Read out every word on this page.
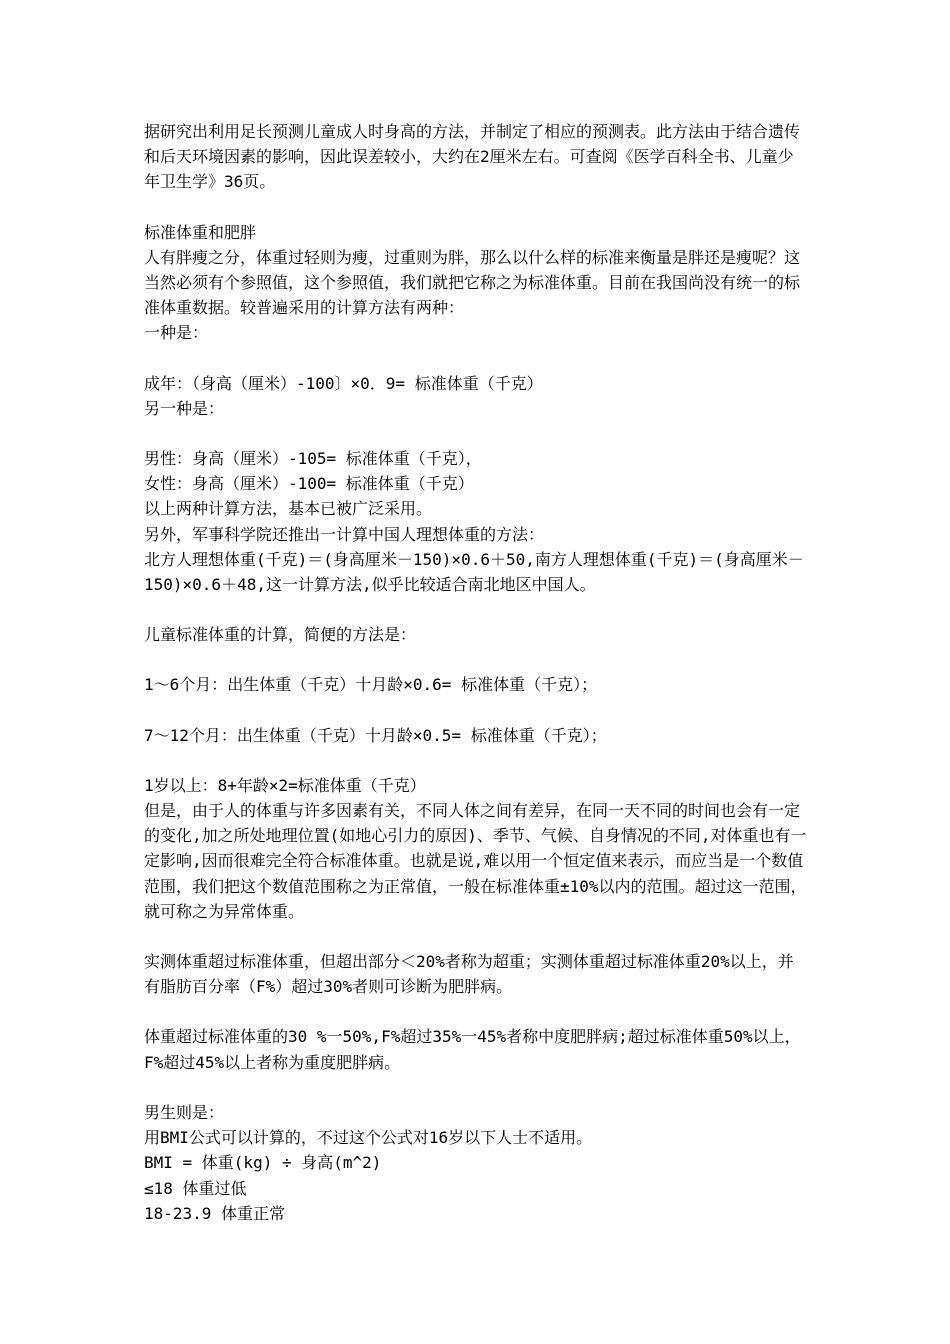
据研究出利用足长预测儿童成人时身高的方法，并制定了相应的预测表。此方法由于结合遗传和后天环境因素的影响，因此误差较小，大约在2厘米左右。可查阅《医学百科全书、儿童少年卫生学》36页。

标准体重和肥胖

人有胖瘦之分，体重过轻则为瘦，过重则为胖，那么以什么样的标准来衡量是胖还是瘦呢？这当然必须有个参照值，这个参照值，我们就把它称之为标准体重。目前在我国尚没有统一的标准体重数据。较普遍采用的计算方法有两种：

一种是：

成年：（身高（厘米）-100〕×0．9= 标准体重（千克）

另一种是：

男性：身高（厘米）-105= 标准体重（千克），

女性：身高（厘米）-100= 标准体重（千克）

以上两种计算方法，基本已被广泛采用。

另外，军事科学院还推出一计算中国人理想体重的方法：

北方人理想体重(千克)＝(身高厘米－150)×0.6＋50,南方人理想体重(千克)＝(身高厘米－150)×0.6＋48,这一计算方法,似乎比较适合南北地区中国人。

儿童标准体重的计算，简便的方法是：

1～6个月：出生体重（千克）十月龄×0.6= 标准体重（千克）；

7～12个月：出生体重（千克）十月龄×0.5= 标准体重（千克）；

1岁以上：8+年龄×2=标准体重（千克）

但是，由于人的体重与许多因素有关，不同人体之间有差异，在同一天不同的时间也会有一定的变化,加之所处地理位置(如地心引力的原因)、季节、气候、自身情况的不同,对体重也有一定影响,因而很难完全符合标准体重。也就是说,难以用一个恒定值来表示，而应当是一个数值范围，我们把这个数值范围称之为正常值，一般在标准体重±10%以内的范围。超过这一范围，就可称之为异常体重。

实测体重超过标准体重，但超出部分＜20%者称为超重；实测体重超过标准体重20%以上，并有脂肪百分率（F%）超过30%者则可诊断为肥胖病。

体重超过标准体重的30 %一50%,F%超过35%一45%者称中度肥胖病;超过标准体重50%以上，F%超过45%以上者称为重度肥胖病。

男生则是：

用BMI公式可以计算的，不过这个公式对16岁以下人士不适用。

BMI = 体重(kg) ÷ 身高(m^2)

≤18 体重过低

18-23.9 体重正常
